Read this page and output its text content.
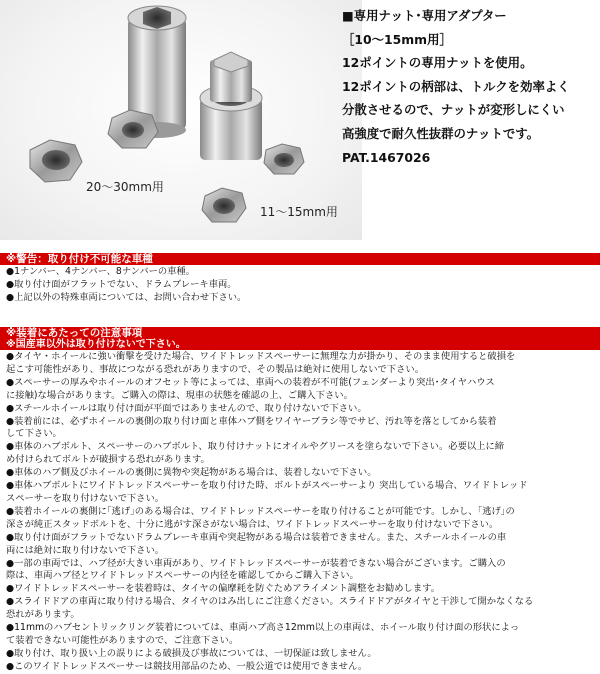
20～30mm用
11～15mm用
■専用ナット･専用アダプター
［10～15mm用］
12ポイントの専用ナットを使用。
12ポイントの柄部は、トルクを効率よく
分散させるので、ナットが変形しにくい
高強度で耐久性抜群のナットです。
PAT.1467026
※警告：取り付け不可能な車種
●1ナンバー、4ナンバー、8ナンバーの車種。
●取り付け面がフラットでない、ドラムブレーキ車両。
●上記以外の特殊車両については、お問い合わせ下さい。
※装着にあたっての注意事項
※国産車以外は取り付けないで下さい。
●タイヤ・ホイールに強い衝撃を受けた場合、ワイドトレッドスペーサーに無理な力が掛かり、そのまま使用すると破損を
起こす可能性があり、事故につながる恐れがありますので、その製品は絶対に使用しないで下さい。
●スペーサーの厚みやホイールのオフセット等によっては、車両への装着が不可能(フェンダーより突出･タイヤハウス
に接触)な場合があります。ご購入の際は、現車の状態を確認の上、ご購入下さい。
●スチールホイールは取り付け面が平面ではありませんので、取り付けないで下さい。
●装着前には、必ずホイールの裏側の取り付け面と車体ハブ側をワイヤーブラシ等でサビ、汚れ等を落としてから装着
して下さい。
●車体のハブボルト、スペーサーのハブボルト、取り付けナットにオイルやグリースを塗らないで下さい。必要以上に締
め付けられてボルトが破損する恐れがあります。
●車体のハブ側及びホイールの裏側に異物や突起物がある場合は、装着しないで下さい。
●車体ハブボルトにワイドトレッドスペーサーを取り付けた時、ボルトがスペーサーより 突出している場合、ワイドトレッド
スペーサーを取り付けないで下さい。
●装着ホイールの裏側に｢逃げ｣のある場合は、ワイドトレッドスペーサーを取り付けることが可能です。しかし、｢逃げ｣の
深さが純正スタッドボルトを、十分に逃がす深さがない場合は、ワイドトレッドスペーサーを取り付けないで下さい。
●取り付け面がフラットでないドラムブレーキ車両や突起物がある場合は装着できません。また、スチールホイールの車
両には絶対に取り付けないで下さい。
●一部の車両では、ハブ径が大きい車両があり、ワイドトレッドスペーサーが装着できない場合がございます。ご購入の
際は、車両ハブ径とワイドトレッドスペーサーの内径を確認してからご購入下さい。
●ワイドトレッドスペーサーを装着時は、タイヤの偏摩耗を防ぐためアライメント調整をお勧めします。
●スライドドアの車両に取り付ける場合、タイヤのはみ出しにご注意ください。スライドドアがタイヤと干渉して開かなくなる
恐れがあります。
●11mmのハブセントリックリング装着については、車両ハブ高さ12mm以上の車両は、ホイール取り付け面の形状によっ
て装着できない可能性がありますので、ご注意下さい。
●取り付け、取り扱い上の誤りによる破損及び事故については、一切保証は致しません。
●このワイドトレッドスペーサーは競技用部品のため、一般公道では使用できません。
